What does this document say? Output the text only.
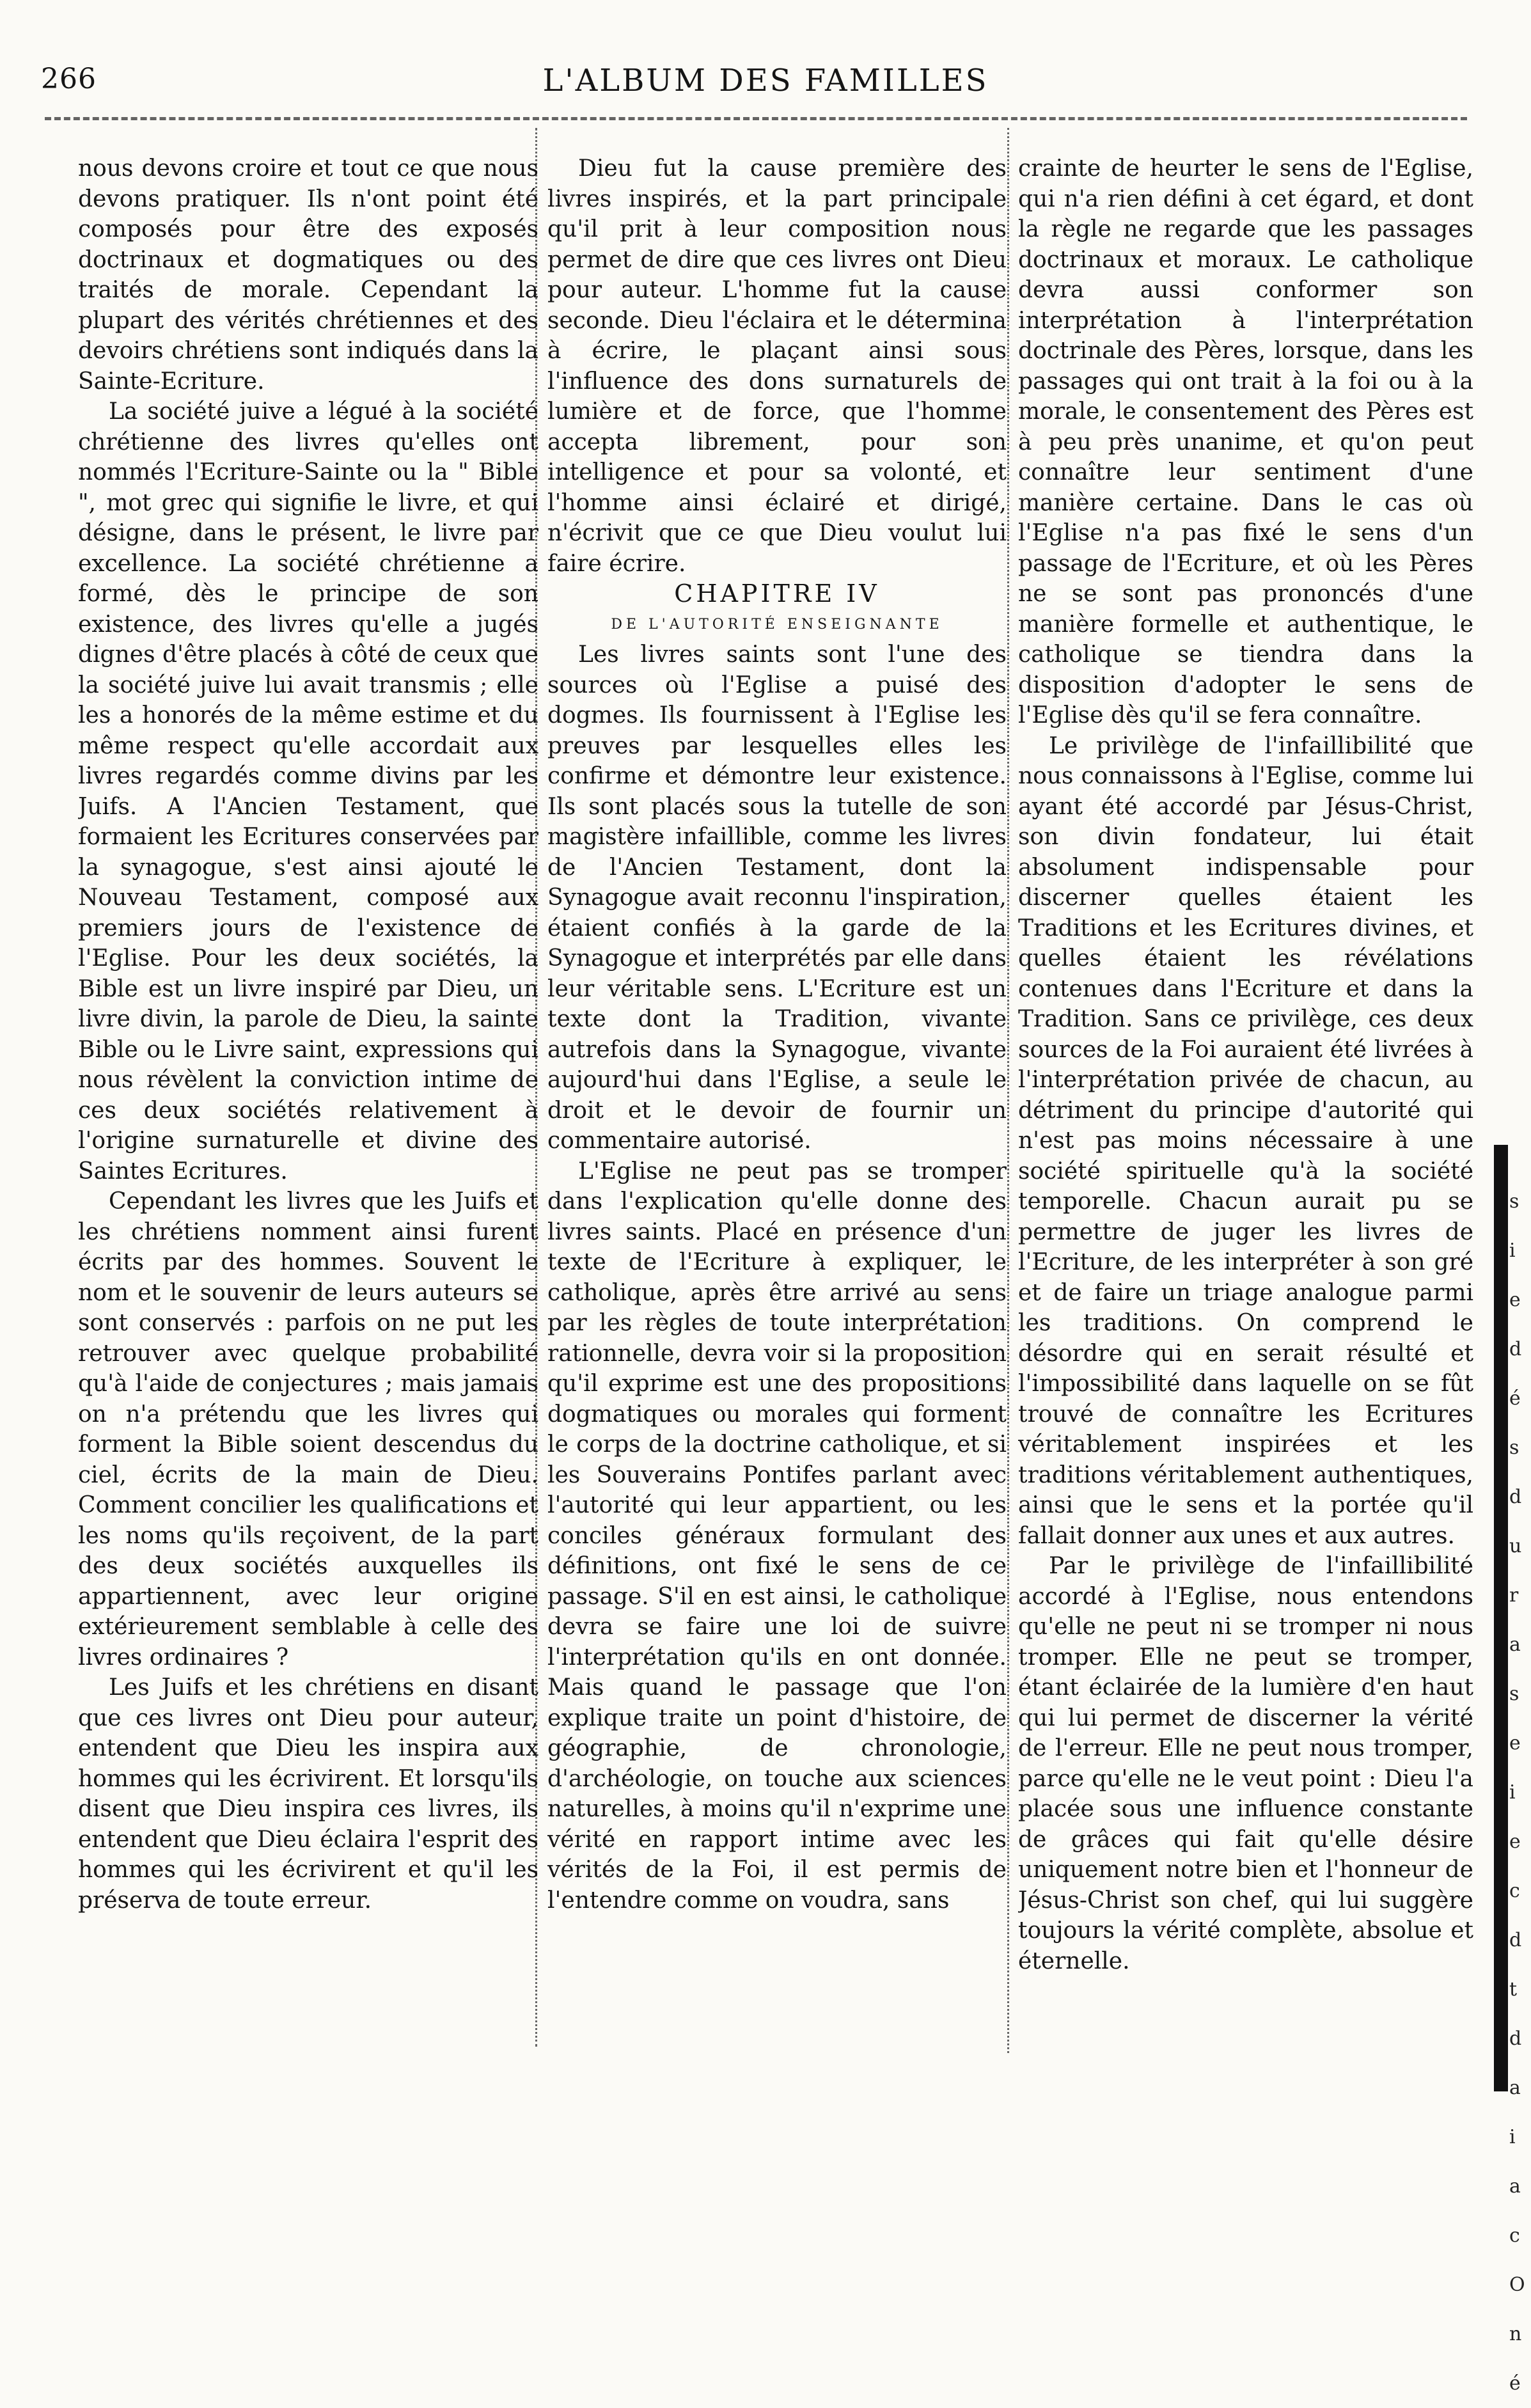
266	L'ALBUM DES FAMILLES

nous devons croire et tout ce que nous devons pratiquer. Ils n'ont point été composés pour être des exposés doctrinaux et dogmatiques ou des traités de morale. Cependant la plupart des vérités chrétiennes et des devoirs chrétiens sont indiqués dans la Sainte-Ecriture.

La société juive a légué à la société chrétienne des livres qu'elles ont nommés l'Ecriture-Sainte ou la " Bible ", mot grec qui signifie le livre, et qui désigne, dans le présent, le livre par excellence. La société chrétienne a formé, dès le principe de son existence, des livres qu'elle a jugés dignes d'être placés à côté de ceux que la société juive lui avait transmis ; elle les a honorés de la même estime et du même respect qu'elle accordait aux livres regardés comme divins par les Juifs. A l'Ancien Testament, que formaient les Ecritures conservées par la synagogue, s'est ainsi ajouté le Nouveau Testament, composé aux premiers jours de l'existence de l'Eglise. Pour les deux sociétés, la Bible est un livre inspiré par Dieu, un livre divin, la parole de Dieu, la sainte Bible ou le Livre saint, expressions qui nous révèlent la conviction intime de ces deux sociétés relativement à l'origine surnaturelle et divine des Saintes Ecritures.

Cependant les livres que les Juifs et les chrétiens nomment ainsi furent écrits par des hommes. Souvent le nom et le souvenir de leurs auteurs se sont conservés : parfois on ne put les retrouver avec quelque probabilité qu'à l'aide de conjectures ; mais jamais on n'a prétendu que les livres qui forment la Bible soient descendus du ciel, écrits de la main de Dieu. Comment concilier les qualifications et les noms qu'ils reçoivent, de la part des deux sociétés auxquelles ils appartiennent, avec leur origine extérieurement semblable à celle des livres ordinaires ?

Les Juifs et les chrétiens en disant que ces livres ont Dieu pour auteur, entendent que Dieu les inspira aux hommes qui les écrivirent. Et lorsqu'ils disent que Dieu inspira ces livres, ils entendent que Dieu éclaira l'esprit des hommes qui les écrivirent et qu'il les préserva de toute erreur.

Dieu fut la cause première des livres inspirés, et la part principale qu'il prit à leur composition nous permet de dire que ces livres ont Dieu pour auteur. L'homme fut la cause seconde. Dieu l'éclaira et le détermina à écrire, le plaçant ainsi sous l'influence des dons surnaturels de lumière et de force, que l'homme accepta librement, pour son intelligence et pour sa volonté, et l'homme ainsi éclairé et dirigé, n'écrivit que ce que Dieu voulut lui faire écrire.

CHAPITRE IV

DE L'AUTORITÉ ENSEIGNANTE

Les livres saints sont l'une des sources où l'Eglise a puisé des dogmes. Ils fournissent à l'Eglise les preuves par lesquelles elles les confirme et démontre leur existence. Ils sont placés sous la tutelle de son magistère infaillible, comme les livres de l'Ancien Testament, dont la Synagogue avait reconnu l'inspiration, étaient confiés à la garde de la Synagogue et interprétés par elle dans leur véritable sens. L'Ecriture est un texte dont la Tradition, vivante autrefois dans la Synagogue, vivante aujourd'hui dans l'Eglise, a seule le droit et le devoir de fournir un commentaire autorisé.

L'Eglise ne peut pas se tromper dans l'explication qu'elle donne des livres saints. Placé en présence d'un texte de l'Ecriture à expliquer, le catholique, après être arrivé au sens par les règles de toute interprétation rationnelle, devra voir si la proposition qu'il exprime est une des propositions dogmatiques ou morales qui forment le corps de la doctrine catholique, et si les Souverains Pontifes parlant avec l'autorité qui leur appartient, ou les conciles généraux formulant des définitions, ont fixé le sens de ce passage. S'il en est ainsi, le catholique devra se faire une loi de suivre l'interprétation qu'ils en ont donnée. Mais quand le passage que l'on explique traite un point d'histoire, de géographie, de chronologie, d'archéologie, on touche aux sciences naturelles, à moins qu'il n'exprime une vérité en rapport intime avec les vérités de la Foi, il est permis de l'entendre comme on voudra, sans

crainte de heurter le sens de l'Eglise, qui n'a rien défini à cet égard, et dont la règle ne regarde que les passages doctrinaux et moraux. Le catholique devra aussi conformer son interprétation à l'interprétation doctrinale des Pères, lorsque, dans les passages qui ont trait à la foi ou à la morale, le consentement des Pères est à peu près unanime, et qu'on peut connaître leur sentiment d'une manière certaine. Dans le cas où l'Eglise n'a pas fixé le sens d'un passage de l'Ecriture, et où les Pères ne se sont pas prononcés d'une manière formelle et authentique, le catholique se tiendra dans la disposition d'adopter le sens de l'Eglise dès qu'il se fera connaître.

Le privilège de l'infaillibilité que nous connaissons à l'Eglise, comme lui ayant été accordé par Jésus-Christ, son divin fondateur, lui était absolument indispensable pour discerner quelles étaient les Traditions et les Ecritures divines, et quelles étaient les révélations contenues dans l'Ecriture et dans la Tradition. Sans ce privilège, ces deux sources de la Foi auraient été livrées à l'interprétation privée de chacun, au détriment du principe d'autorité qui n'est pas moins nécessaire à une société spirituelle qu'à la société temporelle. Chacun aurait pu se permettre de juger les livres de l'Ecriture, de les interpréter à son gré et de faire un triage analogue parmi les traditions. On comprend le désordre qui en serait résulté et l'impossibilité dans laquelle on se fût trouvé de connaître les Ecritures véritablement inspirées et les traditions véritablement authentiques, ainsi que le sens et la portée qu'il fallait donner aux unes et aux autres.

Par le privilège de l'infaillibilité accordé à l'Eglise, nous entendons qu'elle ne peut ni se tromper ni nous tromper. Elle ne peut se tromper, étant éclairée de la lumière d'en haut qui lui permet de discerner la vérité de l'erreur. Elle ne peut nous tromper, parce qu'elle ne le veut point : Dieu l'a placée sous une influence constante de grâces qui fait qu'elle désire uniquement notre bien et l'honneur de Jésus-Christ son chef, qui lui suggère toujours la vérité complète, absolue et éternelle.

s
i
e
d
é
s
d
u
r
a
s
e
i
e
c
d
t
d
a
i
a
c
O
n
é
